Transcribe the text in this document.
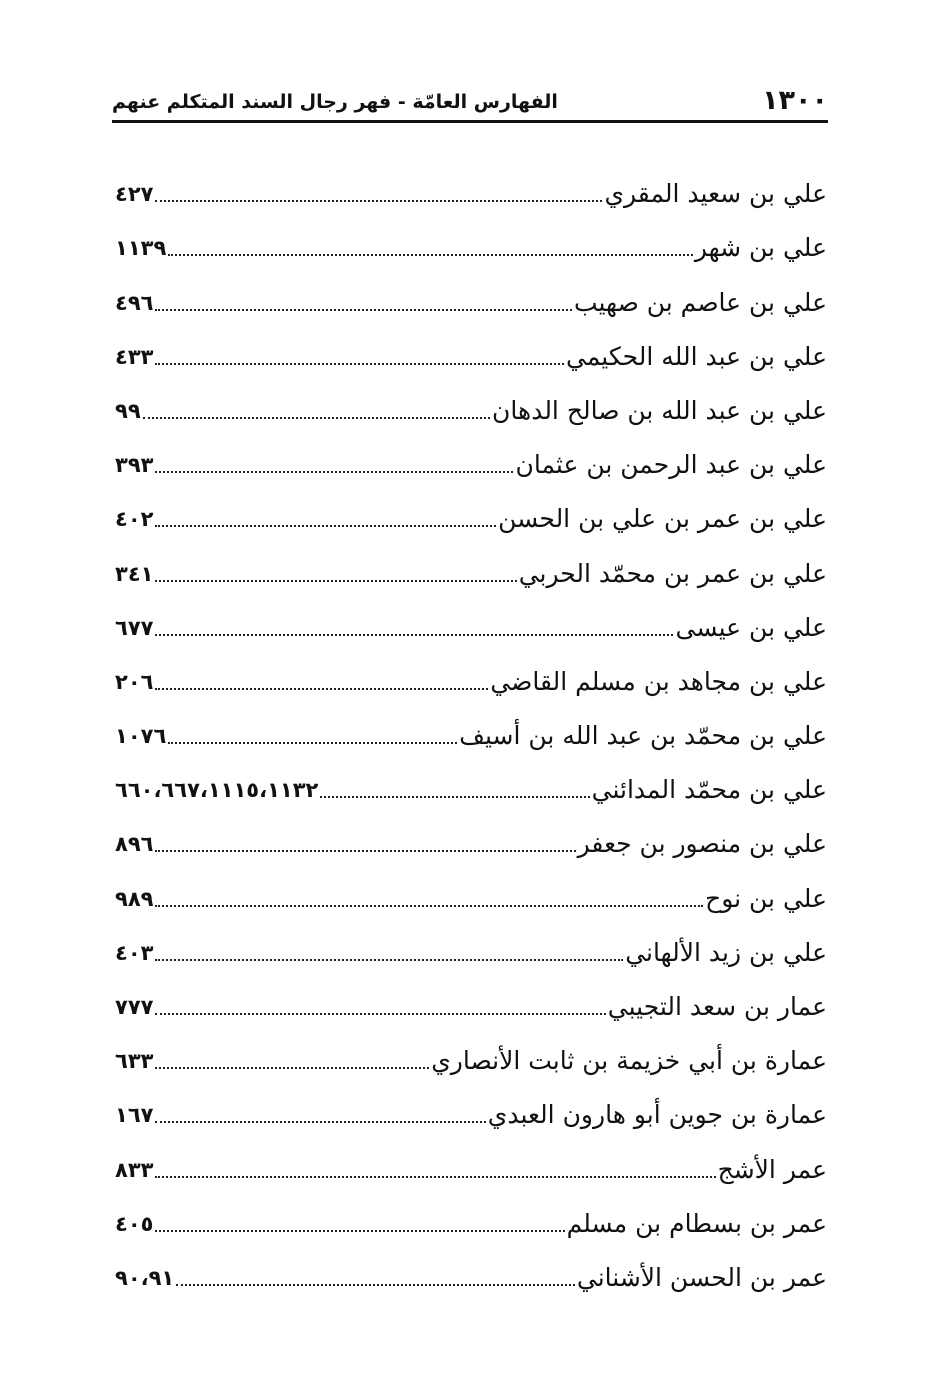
١٣٠٠
الفهارس العامّة - فهر رجال السند المتكلم عنهم
علي بن سعيد المقري
٤٢٧
علي بن شهر
١١٣٩
علي بن عاصم بن صهيب
٤٩٦
علي بن عبد الله الحكيمي
٤٣٣
علي بن عبد الله بن صالح الدهان
٩٩
علي بن عبد الرحمن بن عثمان
٣٩٣
علي بن عمر بن علي بن الحسن
٤٠٢
علي بن عمر بن محمّد الحربي
٣٤١
علي بن عيسى
٦٧٧
علي بن مجاهد بن مسلم القاضي
٢٠٦
علي بن محمّد بن عبد الله بن أسيف
١٠٧٦
علي بن محمّد المدائني
٦٦٠،٦٦٧،١١١٥،١١٣٢
علي بن منصور بن جعفر
٨٩٦
علي بن نوح
٩٨٩
علي بن زيد الألهاني
٤٠٣
عمار بن سعد التجيبي
٧٧٧
عمارة بن أبي خزيمة بن ثابت الأنصاري
٦٣٣
عمارة بن جوين أبو هارون العبدي
١٦٧
عمر الأشج
٨٣٣
عمر بن بسطام بن مسلم
٤٠٥
عمر بن الحسن الأشناني
٩٠،٩١
